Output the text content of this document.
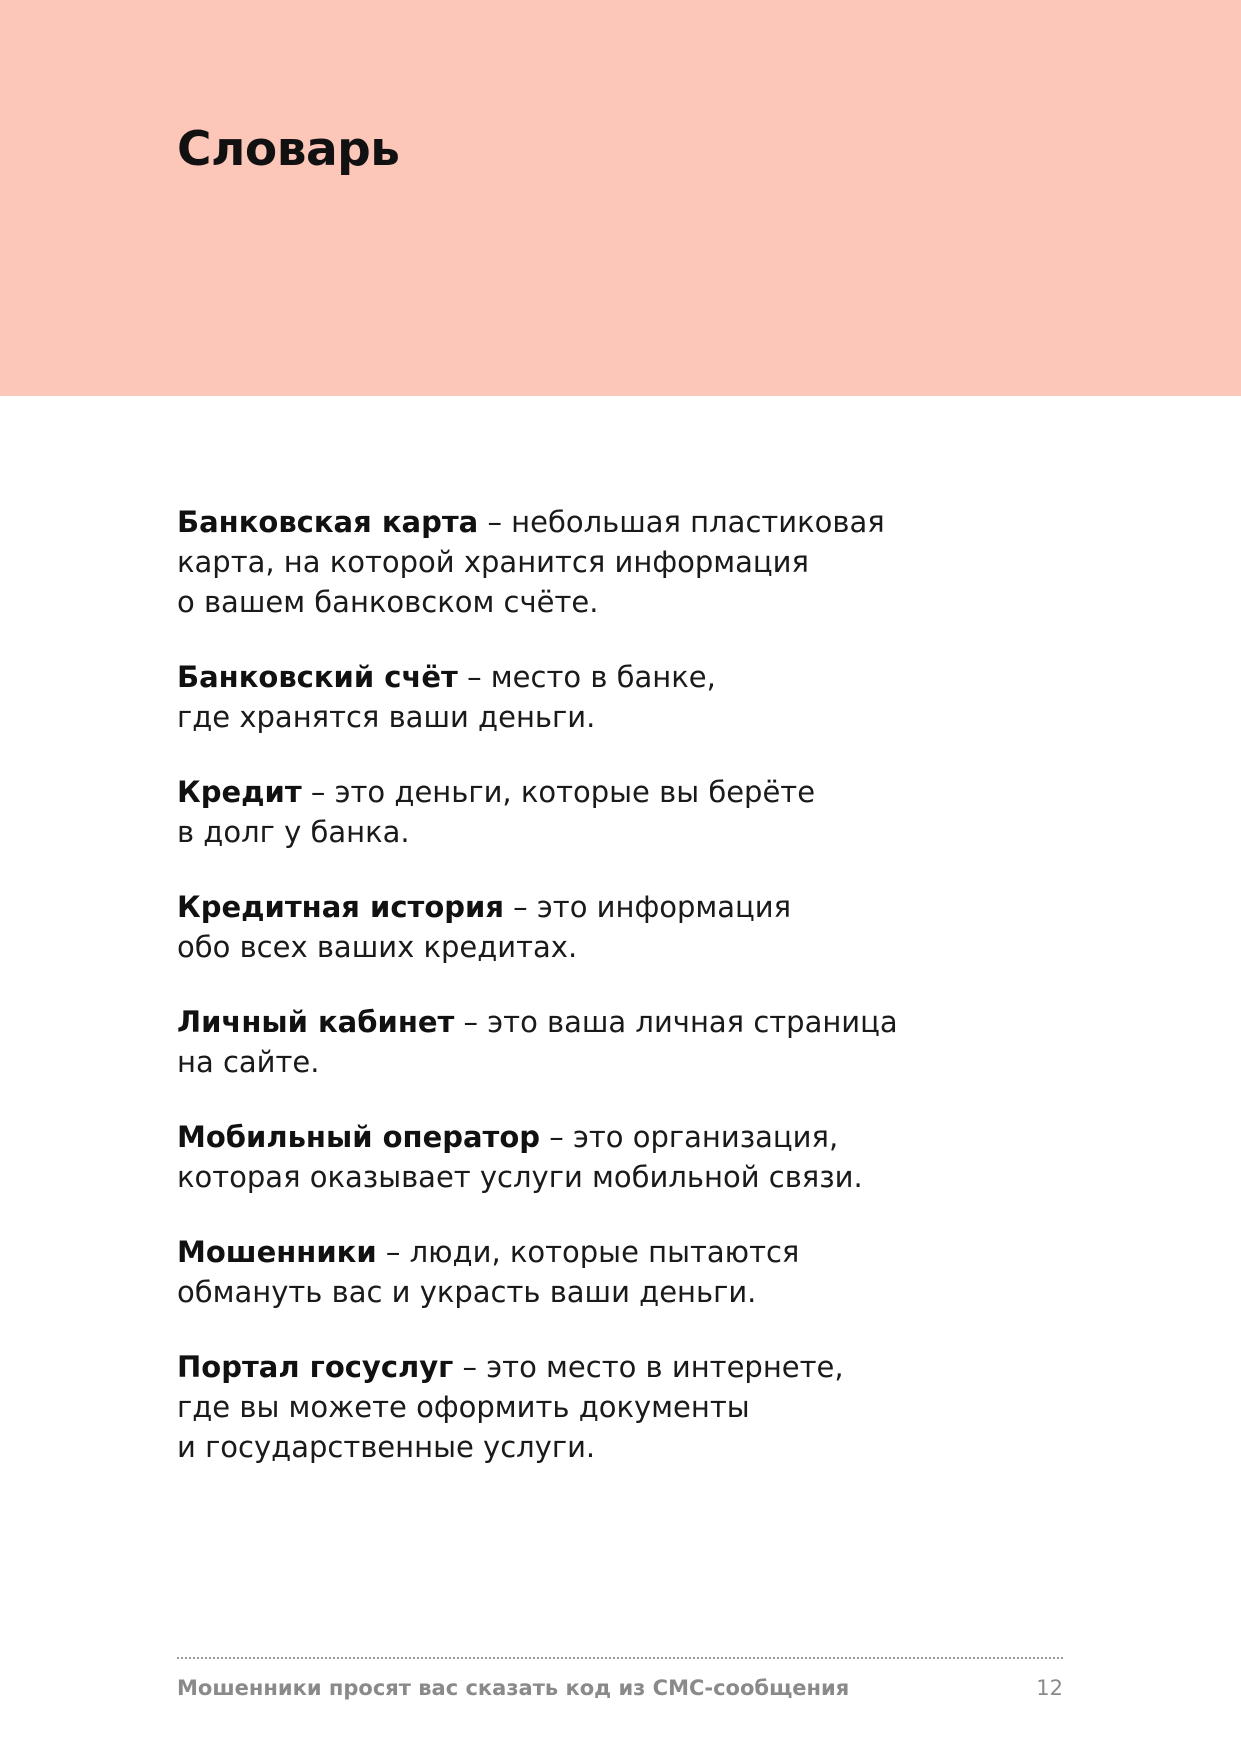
Словарь
Банковская карта – небольшая пластиковая
карта, на которой хранится информация
о вашем банковском счёте.
Банковский счёт – место в банке,
где хранятся ваши деньги.
Кредит – это деньги, которые вы берёте
в долг у банка.
Кредитная история – это информация
обо всех ваших кредитах.
Личный кабинет – это ваша личная страница
на сайте.
Мобильный оператор – это организация,
которая оказывает услуги мобильной связи.
Мошенники – люди, которые пытаются
обмануть вас и украсть ваши деньги.
Портал госуслуг – это место в интернете,
где вы можете оформить документы
и государственные услуги.
Мошенники просят вас сказать код из СМС-сообщения	12
